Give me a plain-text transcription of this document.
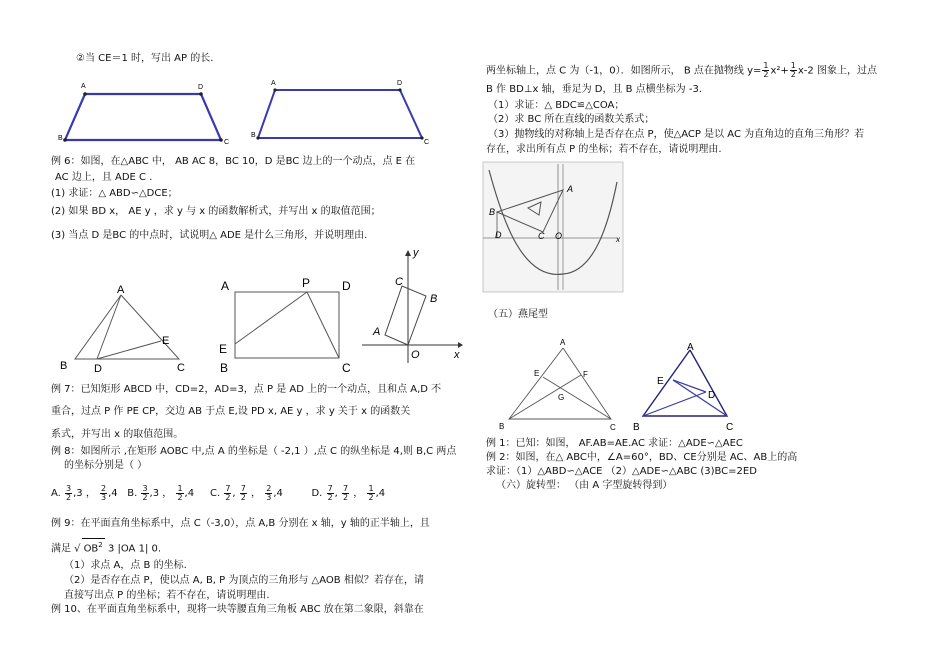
②当 CE＝1 时，写出 AP 的长.
A	D
B
C
A	D
B
C
例 6：如图，在△ABC 中， AB AC 8，BC 10，D 是BC 边上的一个动点，点 E 在
AC 边上，且 ADE C .
(1) 求证：△ ABD∽△DCE；
(2) 如果 BD x， AE y ，求 y 与 x 的函数解析式，并写出 x 的取值范围；
(3) 当点 D 是BC 的中点时，试说明△ ADE 是什么三角形，并说明理由.
A
E
B D	C
A	P	D
E
B	C
y
C
B
A
O	x
例 7：已知矩形 ABCD 中，CD=2，AD=3，点 P 是 AD 上的一个动点，且和点 A,D 不
重合，过点 P 作 PE CP，交边 AB 于点 E,设 PD x, AE y ，求 y 关于 x 的函数关
系式，并写出 x 的取值范围。
例 8：如图所示 ,在矩形 AOBC 中,点 A 的坐标是（ -2,1 ）,点 C 的纵坐标是 4,则 B,C 两点
的坐标分别是（ ）
A. $\frac{3}{2} ,3$ ， $\frac{2}{3} ,4$   B. $\frac{3}{2} ,3$ ， $\frac{1}{2} ,4$     C. $\frac{7}{2}$ , $\frac{7}{2}$ ， $\frac{2}{3} ,4$         D. $\frac{7}{2}$ , $\frac{7}{2}$ ， $\frac{1}{2} ,4$
例 9：在平面直角坐标系中，点 C（-3,0），点 A,B 分别在 x 轴，y 轴的正半轴上，且
满足 √ $OB^2$ 3 |OA 1| 0.
（1）求点 A，点 B 的坐标.
（2）是否存在点 P，使以点 A, B, P 为顶点的三角形与 △AOB 相似？若存在，请
直接写出点 P 的坐标；若不存在，请说明理由.
例 10、在平面直角坐标系中，现将一块等腰直角三角板 ABC 放在第二象限，斜靠在
两坐标轴上，点 C 为（-1，0）．如图所示， B 点在抛物线 $y= \frac{1}{2} x^2+ \frac{1}{2} x-2$ 图象上，过点
B 作 BD⊥x 轴，垂足为 D，且 B 点横坐标为 -3.
（1）求证：△ BDC≌△COA；
（2）求 BC 所在直线的函数关系式；
（3）抛物线的对称轴上是否存在点 P，使△ACP 是以 AC 为直角边的直角三角形？若
存在，求出所有点 P 的坐标；若不存在，请说明理由.
A
B
D	C O	x
（五）燕尾型
A
E	F
G
B	C
A
E
D
B	C
例 1：已知：如图， AF.AB=AE.AC 求证：△ADE∽△AEC
例 2：如图，在△ ABC中，∠A=60°，BD、CE分别是 AC、AB上的高
求证：（1）△ABD∽△ACE （2）△ADE∽△ABC (3)BC=2ED
（六）旋转型： （由 A 字型旋转得到）
